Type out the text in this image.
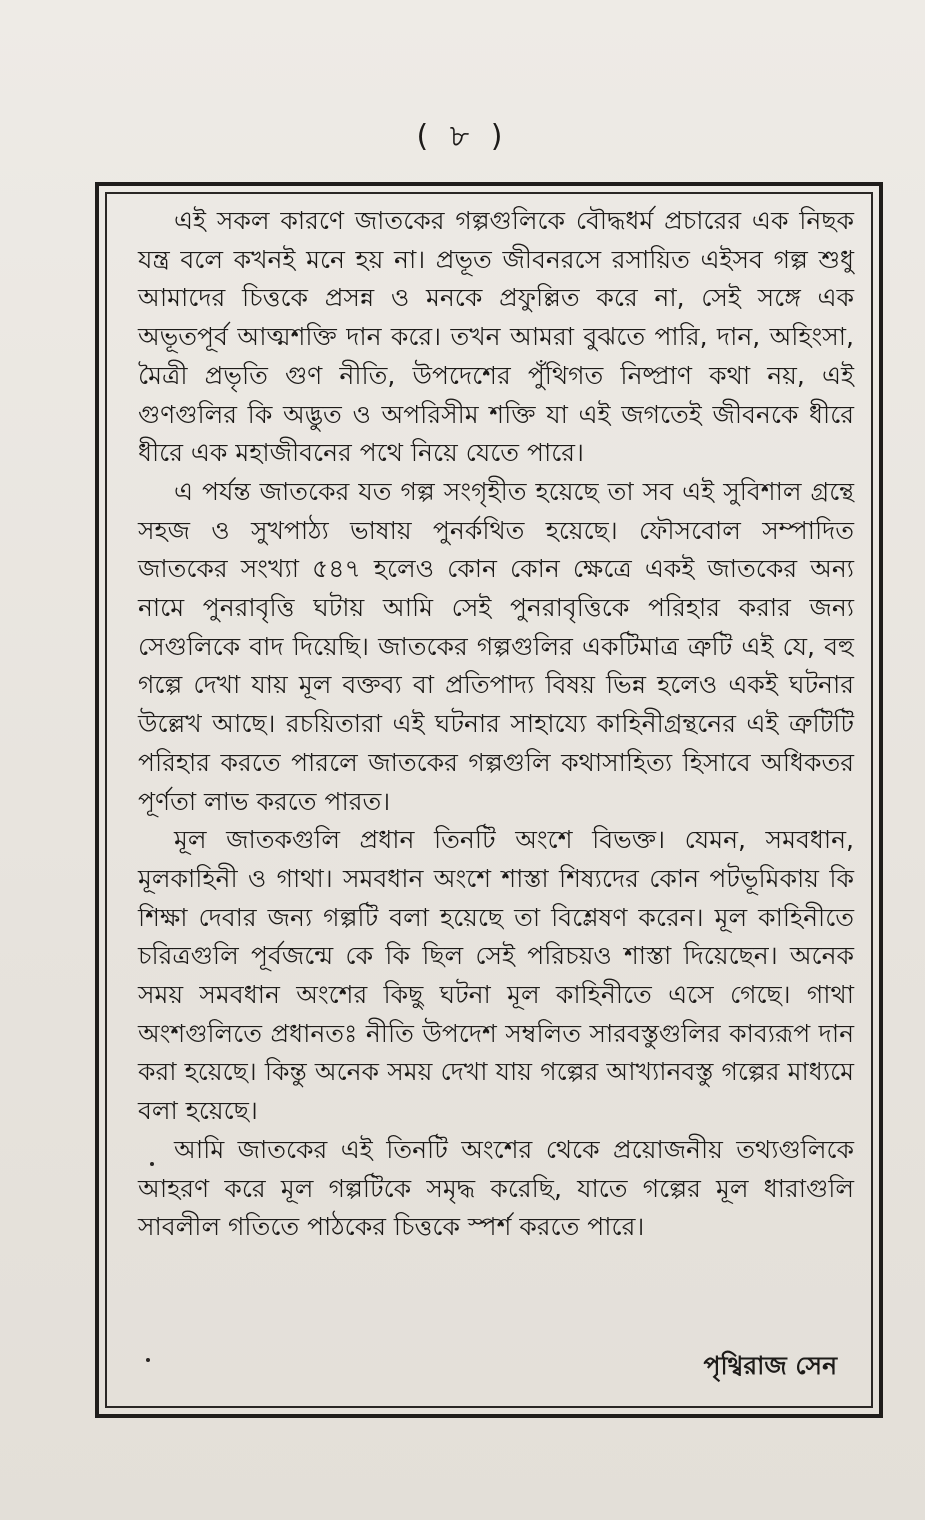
( ৮ )

এই সকল কারণে জাতকের গল্পগুলিকে বৌদ্ধধর্ম প্রচারের এক নিছক যন্ত্র বলে কখনই মনে হয় না। প্রভূত জীবনরসে রসায়িত এইসব গল্প শুধু আমাদের চিত্তকে প্রসন্ন ও মনকে প্রফুল্লিত করে না, সেই সঙ্গে এক অভূতপূর্ব আত্মশক্তি দান করে। তখন আমরা বুঝতে পারি, দান, অহিংসা, মৈত্রী প্রভৃতি গুণ নীতি, উপদেশের পুঁথিগত নিষ্প্রাণ কথা নয়, এই গুণগুলির কি অদ্ভুত ও অপরিসীম শক্তি যা এই জগতেই জীবনকে ধীরে ধীরে এক মহাজীবনের পথে নিয়ে যেতে পারে।

এ পর্যন্ত জাতকের যত গল্প সংগৃহীত হয়েছে তা সব এই সুবিশাল গ্রন্থে সহজ ও সুখপাঠ্য ভাষায় পুনর্কথিত হয়েছে। ফৌসবোল সম্পাদিত জাতকের সংখ্যা ৫৪৭ হলেও কোন কোন ক্ষেত্রে একই জাতকের অন্য নামে পুনরাবৃত্তি ঘটায় আমি সেই পুনরাবৃত্তিকে পরিহার করার জন্য সেগুলিকে বাদ দিয়েছি। জাতকের গল্পগুলির একটিমাত্র ত্রুটি এই যে, বহু গল্পে দেখা যায় মূল বক্তব্য বা প্রতিপাদ্য বিষয় ভিন্ন হলেও একই ঘটনার উল্লেখ আছে। রচয়িতারা এই ঘটনার সাহায্যে কাহিনীগ্রন্থনের এই ত্রুটিটি পরিহার করতে পারলে জাতকের গল্পগুলি কথাসাহিত্য হিসাবে অধিকতর পূর্ণতা লাভ করতে পারত।

মূল জাতকগুলি প্রধান তিনটি অংশে বিভক্ত। যেমন, সমবধান, মূলকাহিনী ও গাথা। সমবধান অংশে শাস্তা শিষ্যদের কোন পটভূমিকায় কি শিক্ষা দেবার জন্য গল্পটি বলা হয়েছে তা বিশ্লেষণ করেন। মূল কাহিনীতে চরিত্রগুলি পূর্বজন্মে কে কি ছিল সেই পরিচয়ও শাস্তা দিয়েছেন। অনেক সময় সমবধান অংশের কিছু ঘটনা মূল কাহিনীতে এসে গেছে। গাথা অংশগুলিতে প্রধানতঃ নীতি উপদেশ সম্বলিত সারবস্তুগুলির কাব্যরূপ দান করা হয়েছে। কিন্তু অনেক সময় দেখা যায় গল্পের আখ্যানবস্তু গল্পের মাধ্যমে বলা হয়েছে।

আমি জাতকের এই তিনটি অংশের থেকে প্রয়োজনীয় তথ্যগুলিকে আহরণ করে মূল গল্পটিকে সমৃদ্ধ করেছি, যাতে গল্পের মূল ধারাগুলি সাবলীল গতিতে পাঠকের চিত্তকে স্পর্শ করতে পারে।

পৃথ্বিরাজ সেন
